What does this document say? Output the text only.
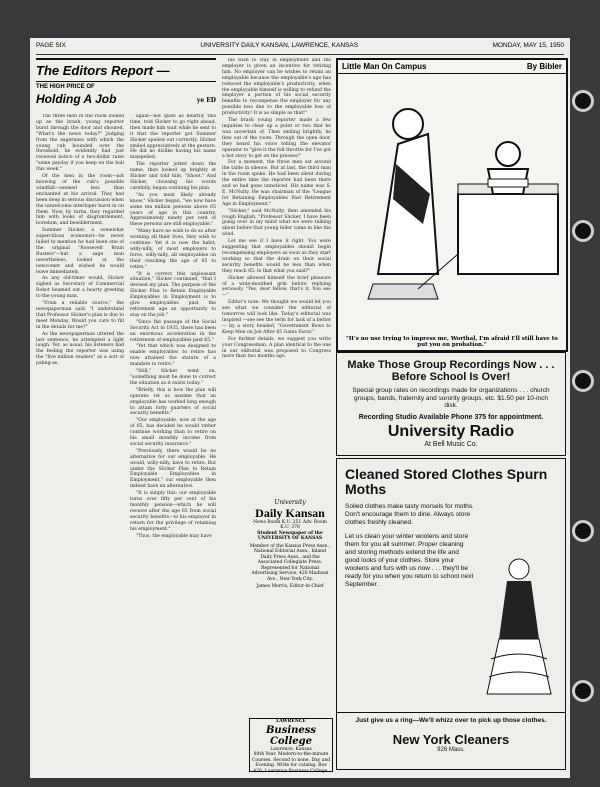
PAGE SIX	UNIVERSITY DAILY KANSAN, LAWRENCE, KANSAS	MONDAY, MAY 15, 1950
The Editors Report —
THE HIGH PRICE OF
Holding A Job	ye ED

The three men in the room looked up as the brash, young reporter burst through the door and shouted, "What's the news today?" Judging from the eagerness with which the young cub bounded over the threshold, he evidently had just received notice of a two-dollar raise "some payday if you keep on the ball this week."

Of the men in the room—not knowing of the cub's possible windfall—seemed less than enchanted at his arrival. They had been deep in serious discussion when the unwelcome interloper burst in on them. Now, by turns, they regarded him with looks of disgruntlement, boredom, and bewilderment.

Summer Slicker, a somewhat supercilious economist—he never failed to mention he had been one of the original "Roosevelt Brain Busters"—but a sage man nevertheless, looked at the newcomer and wished he would leave immediately.

As any old-timer would, Slicker sighed as Secretary of Commercial Robot beamed out a hearty greeting to the young man.

"From a reliable source," the newspaperman said, "I understand that Professor Slicker's plan is due to meet Monday. Would you care to fill in the details for me?"

As the newspaperman uttered the last sentence, he attempted a light laugh. Yet, as usual, his listeners had the feeling the reporter was using the "five million readers" as a sort of paling-as.

again—not quite as heartily this time, told Slicker to go right ahead, then made him wait while he sent to it that the reporter got Summer Slicker spelled out correctly. Slicker smiled appreciatively at the gesture. He did no dislike having his name misspelled.

The reporter jotted down the name, then looked up brightly at Slicker and told him, "Shoot." And Slicker, choosing his words carefully, began outlining his plan.

"As you must likely already know," Slicker began, "we now have some ten million persons above 65 years of age in this country. Approximately ninety per cent of these persons are still employable."

"Many have no wish to do so after working all their lives, they wish to continue. Yet it is now the habit, willy-nilly, of most employers to force, willy-nilly, all employables on their reaching the age of 65 to retire."

"It is correct this unpleasant situation," Slicker continued, "that I devised my plan. The purpose of the Slicker Plan to Retain Employable Employables in Employment is to give employables past the retirement age an opportunity to stay on the job."

"Since the passage of the Social Security Act in 1935, there has been an enormous acceleration in the retirement of employables past 65."

"Yet that which was designed to enable employables to retire has now attained the stature of a mandate to retire."

"Still," Slicker went on, "something must be done to correct the situation as it exists today."

"Briefly, this is how the plan will operate: let us assume that an employable has worked long enough to attain forty quarters of social security benefits."

"Our employable, now at the age of 65, has decided he would rather continue working than to retire on his small monthly income from social security insurance."

"Previously, there would be no alternative for our employable. He would, willy-nilly, have to retire. But under the Slicker Plan to Retain Employable Employables in Employment," our employable then indeed have an alternative.

"It is simply this: our employable turns over fifty per cent of his monthly pension—which he will receive after the age 65 from social security benefits—to his employer in return for the privilege of retaining his employment."

"Thus, the employable may have

his wish to stay in employment and the employer is given an incentive for retiring him. No employer can be wishes to retain an employable because the employable's age has reduced the employable's productivity, when the employable himself is willing to refund the employer a portion of his social security benefits to recompense the employer for any possible loss due to the employable loss of productivity! It is as simple as that!"

The brash young reporter made a few inquiries to clear up a point or two that he was uncertain of. Then smiling brightly, he flew out of the room. Through the open door, they heard his voice telling the elevator operator to "give it the full throttle for I've got a hot story to get on the presses!"

For a moment, the three men sat around the table in silence. But at last, the third man in the room spoke. He had been silent during the entire time the reporter had been there and so had gone unnoticed. His name was S. E. McNulty. He was chairman of the "League for Retaining Employables Past Retirement Age in Employment."

"Slicker," said McNulty, then amended his rough English, "Professor Slicker, I have been going over in my mind what we were talking about before that young feller came in like the wind.

Let me see if I have it right. You were suggesting that employables should begin recompensing employers as soon as they start working so that the drain on their social security benefits would be less than when they reach 65. Is that what you said?"

Slicker allowed himself the brief pleasure of a wide-mouthed grin before replying seriously, "Yes, dear fellow, that's it. You see—"

Editor's note: We thought we would let you see what we consider the editorial of tomorrow will look like. Today's editorial was inspired —see see the term for lack of a better— by a story headed, "Government Bows to Keep Men on Job After 65 Gains Favor."

For further details, we suggest you write your Congressman. A plan identical to the one in our editorial was proposed to Congress more than two months ago.

University
Daily Kansan
News Room K.U. 251 Adv. Room K.U. 376
Student Newspaper of the UNIVERSITY OF KANSAS
Member of the Kansas Press Assn., National Editorial Assn., Inland Daily Press Assn., and the Associated Collegiate Press. Represented for National Advertising Service, 420 Madison Ave., New York City.
James Morris, Editor-in-Chief
LAWRENCE
Business College
Lawrence, Kansas
80th Year. Modern-to-the-minute Courses. Second to none. Day and Evening. Write for catalog. Box 426, Lawrence Business College.
Little Man On Campus	By Bibler
"It's no use trying to impress me, Worthal, I'm afraid I'll still have to put you on probation."
Make Those Group Recordings Now . . . Before School Is Over!
Special group rates on recordings made for organizations . . . church groups, bands, fraternity and sorority groups, etc. $1.50 per 10-inch disk.
Recording Studio Available Phone 375 for appointment.
University Radio
At Bell Music Co.
Cleaned Stored Clothes Spurn Moths
Soiled clothes make tasty morsels for moths. Don't encourage them to dine. Always store clothes freshly cleaned.
Let us clean your winter woolens and store them for you all summer. Proper cleaning and storing methods extend the life and good looks of your clothes. Store your woolens and furs with us now . . . they'll be ready for you when you return to school next September.
Just give us a ring—We'll whizz over to pick up those clothes.
New York Cleaners
926 Mass.
